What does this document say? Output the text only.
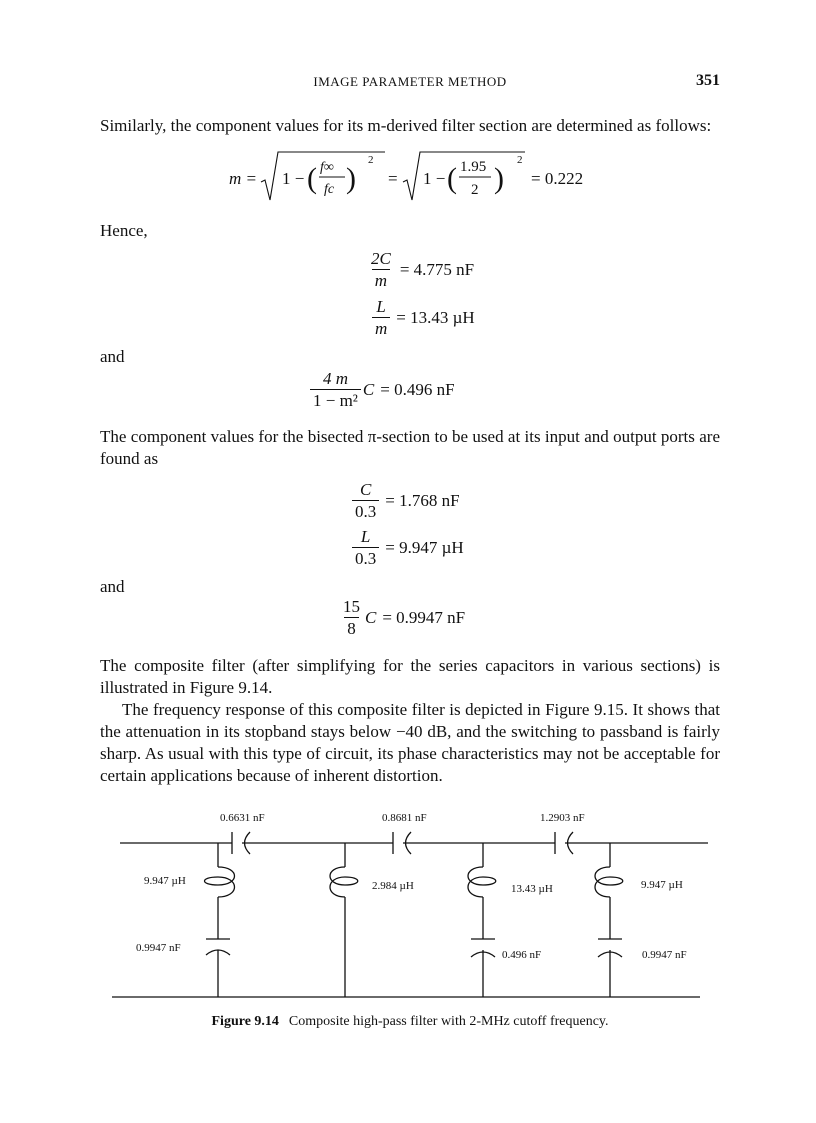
IMAGE PARAMETER METHOD	351

Similarly, the component values for its m-derived filter section are determined as follows:

m = 1 − ( f∞
fc )
2
= 1 − ( 1.95
2 )
2
= 0.222

Hence,

$\frac{2C}{m} = 4.775$ nF
$\frac{L}{m} = 13.43$ µH

and

$\frac{4 m}{\text{1 − m²}}$ C = 0.496 nF

The component values for the bisected π-section to be used at its input and output ports are found as

$\frac{C}{0.3} = 1.768$ nF
$\frac{L}{0.3} = 9.947$ µH

and

$\frac{15}{8}$ C = 0.9947 nF

The composite filter (after simplifying for the series capacitors in various sections) is illustrated in Figure 9.14.

The frequency response of this composite filter is depicted in Figure 9.15. It shows that the attenuation in its stopband stays below −40 dB, and the switching to passband is fairly sharp. As usual with this type of circuit, its phase characteristics may not be acceptable for certain applications because of inherent distortion.

0.6631 nF	0.8681 nF	1.2903 nF
9.947 µH	2.984 µH	13.43 µH	9.947 µH
0.9947 nF
0.496 nF	0.9947 nF
Figure 9.14 Composite high-pass filter with 2-MHz cutoff frequency.
